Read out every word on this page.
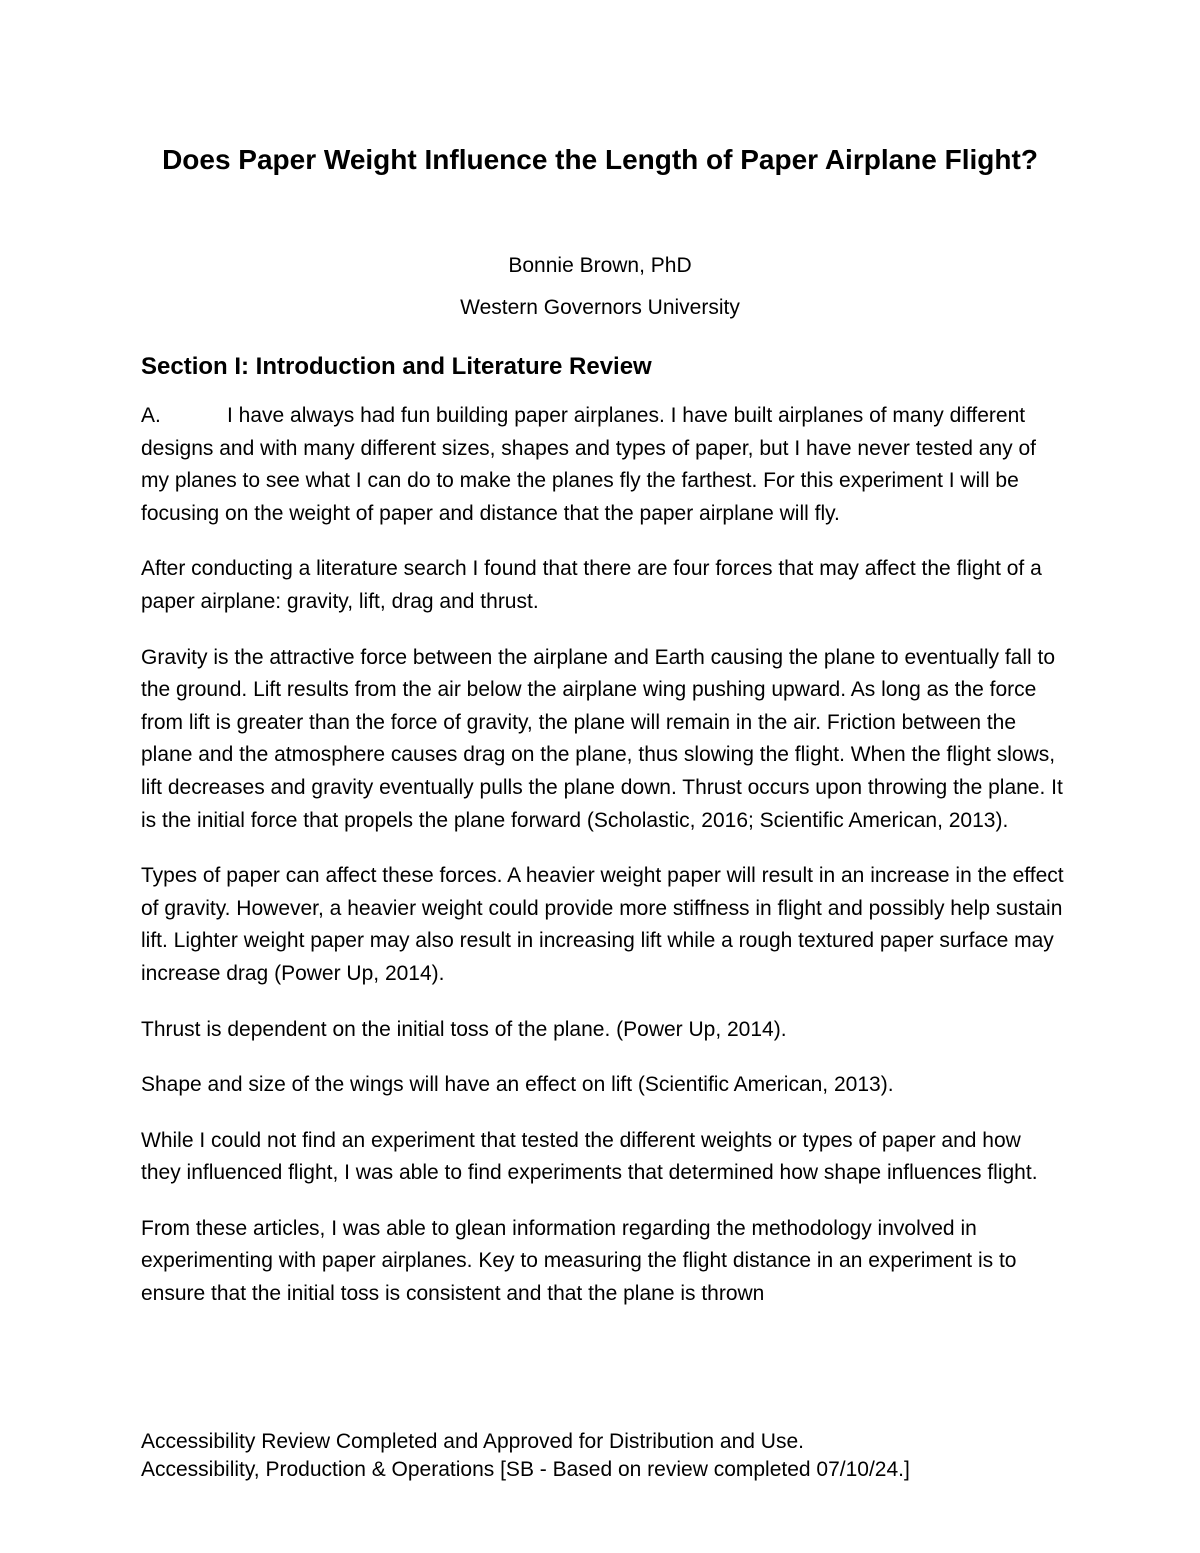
Does Paper Weight Influence the Length of Paper Airplane Flight?

Bonnie Brown, PhD

Western Governors University

Section I: Introduction and Literature Review

A.	I have always had fun building paper airplanes. I have built airplanes of many different designs and with many different sizes, shapes and types of paper, but I have never tested any of my planes to see what I can do to make the planes fly the farthest. For this experiment I will be focusing on the weight of paper and distance that the paper airplane will fly.

After conducting a literature search I found that there are four forces that may affect the flight of a paper airplane: gravity, lift, drag and thrust.

Gravity is the attractive force between the airplane and Earth causing the plane to eventually fall to the ground. Lift results from the air below the airplane wing pushing upward. As long as the force from lift is greater than the force of gravity, the plane will remain in the air. Friction between the plane and the atmosphere causes drag on the plane, thus slowing the flight. When the flight slows, lift decreases and gravity eventually pulls the plane down. Thrust occurs upon throwing the plane. It is the initial force that propels the plane forward (Scholastic, 2016; Scientific American, 2013).

Types of paper can affect these forces. A heavier weight paper will result in an increase in the effect of gravity. However, a heavier weight could provide more stiffness in flight and possibly help sustain lift. Lighter weight paper may also result in increasing lift while a rough textured paper surface may increase drag (Power Up, 2014).

Thrust is dependent on the initial toss of the plane. (Power Up, 2014).

Shape and size of the wings will have an effect on lift (Scientific American, 2013).

While I could not find an experiment that tested the different weights or types of paper and how they influenced flight, I was able to find experiments that determined how shape influences flight.

From these articles, I was able to glean information regarding the methodology involved in experimenting with paper airplanes. Key to measuring the flight distance in an experiment is to ensure that the initial toss is consistent and that the plane is thrown

Accessibility Review Completed and Approved for Distribution and Use.
Accessibility, Production & Operations [SB - Based on review completed 07/10/24.]
